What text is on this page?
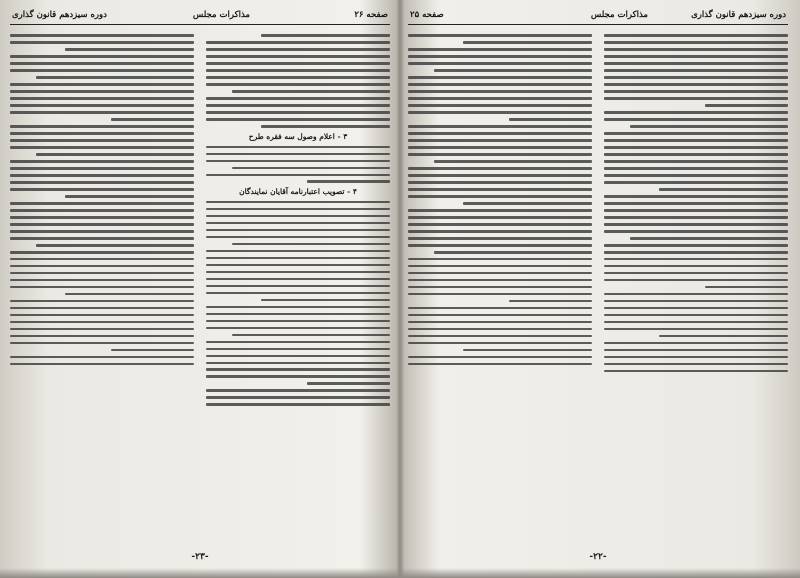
صفحه ۲۶
مذاکرات مجلس
دوره سیزدهم قانون گذاری
۳ - اعلام وصول سه فقره طرح
۴ - تصویب اعتبارنامه آقایان نمایندگان
-۲۳-
دوره سیزدهم قانون گذاری
مذاکرات مجلس
صفحه ۲۵
-۲۲-
